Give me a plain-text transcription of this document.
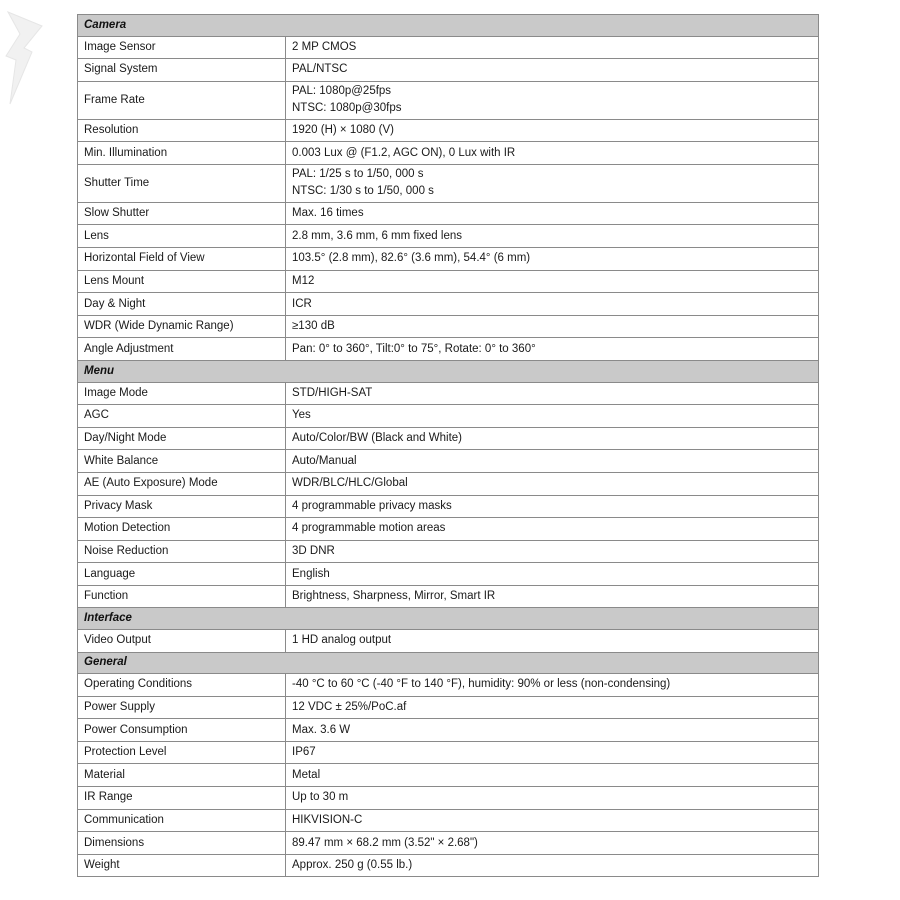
Camera	
Image Sensor	2 MP CMOS

Signal System	PAL/NTSC

Frame Rate	PAL: 1080p@25fps
NTSC: 1080p@30fps

Resolution	1920 (H) × 1080 (V)

Min. Illumination	0.003 Lux @ (F1.2, AGC ON), 0 Lux with IR

Shutter Time	PAL: 1/25 s to 1/50, 000 s
NTSC: 1/30 s to 1/50, 000 s

Slow Shutter	Max. 16 times

Lens	2.8 mm, 3.6 mm, 6 mm fixed lens

Horizontal Field of View	103.5° (2.8 mm), 82.6° (3.6 mm), 54.4° (6 mm)

Lens Mount	M12

Day & Night	ICR

WDR (Wide Dynamic Range)	≥130 dB

Angle Adjustment	Pan: 0° to 360°, Tilt:0° to 75°, Rotate: 0° to 360°

Menu	
Image Mode	STD/HIGH-SAT

AGC	Yes

Day/Night Mode	Auto/Color/BW (Black and White)

White Balance	Auto/Manual

AE (Auto Exposure) Mode	WDR/BLC/HLC/Global

Privacy Mask	4 programmable privacy masks

Motion Detection	4 programmable motion areas

Noise Reduction	3D DNR

Language	English

Function	Brightness, Sharpness, Mirror, Smart IR

Interface	
Video Output	1 HD analog output

General	
Operating Conditions	-40 °C to 60 °C (-40 °F to 140 °F), humidity: 90% or less (non-condensing)

Power Supply	12 VDC ± 25%/PoC.af

Power Consumption	Max. 3.6 W

Protection Level	IP67

Material	Metal

IR Range	Up to 30 m

Communication	HIKVISION-C

Dimensions	89.47 mm × 68.2 mm (3.52" × 2.68")

Weight	Approx. 250 g (0.55 lb.)
